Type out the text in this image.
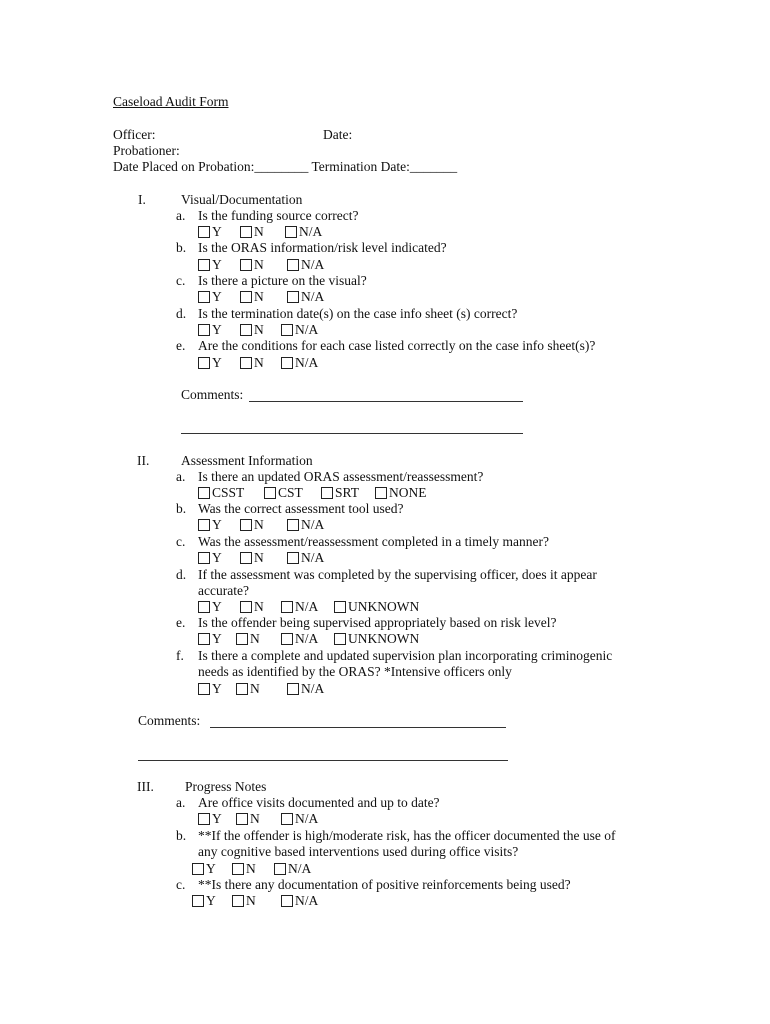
Caseload Audit Form
Officer:	Date:
Probationer:
Date Placed on Probation:________ Termination Date:_______
I.	Visual/Documentation
a. Is the funding source correct?
Y	N	N/A
b. Is the ORAS information/risk level indicated?
Y	N	N/A
c. Is there a picture on the visual?
Y	N	N/A
d. Is the termination date(s) on the case info sheet (s) correct?
Y	N	N/A
e. Are the conditions for each case listed correctly on the case info sheet(s)?
Y	N	N/A
Comments:
II. Assessment Information
a. Is there an updated ORAS assessment/reassessment?
CSST	CST	SRT	NONE
b. Was the correct assessment tool used?
Y	N	N/A
c. Was the assessment/reassessment completed in a timely manner?
Y	N	N/A
d. If the assessment was completed by the supervising officer, does it appear
accurate?
Y	N	N/A	UNKNOWN
e. Is the offender being supervised appropriately based on risk level?
Y	N	N/A	UNKNOWN
f. Is there a complete and updated supervision plan incorporating criminogenic
needs as identified by the ORAS? *Intensive officers only
Y	N	N/A
Comments:
III. Progress Notes
a. Are office visits documented and up to date?
Y	N	N/A
b. **If the offender is high/moderate risk, has the officer documented the use of
any cognitive based interventions used during office visits?
Y	N	N/A
c. **Is there any documentation of positive reinforcements being used?
Y	N	N/A
